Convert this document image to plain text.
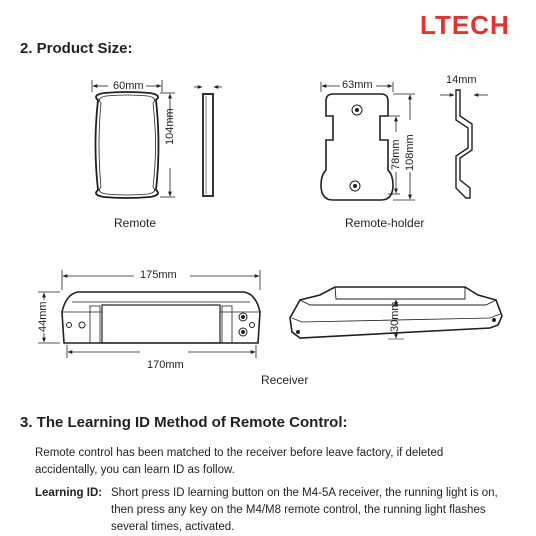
LTECH
2. Product Size:
60mm
104mm
Remote
63mm	14mm
78mm 108mm
Remote-holder
175mm
44mm
170mm
30mm
Receiver
3. The Learning ID Method of Remote Control:
Remote control has been matched to the receiver before leave factory, if deleted accidentally, you can learn ID as follow.
Learning ID: Short press ID learning button on the M4-5A receiver, the running light is on, then press any key on the M4/M8 remote control, the running light flashes several times, activated.
